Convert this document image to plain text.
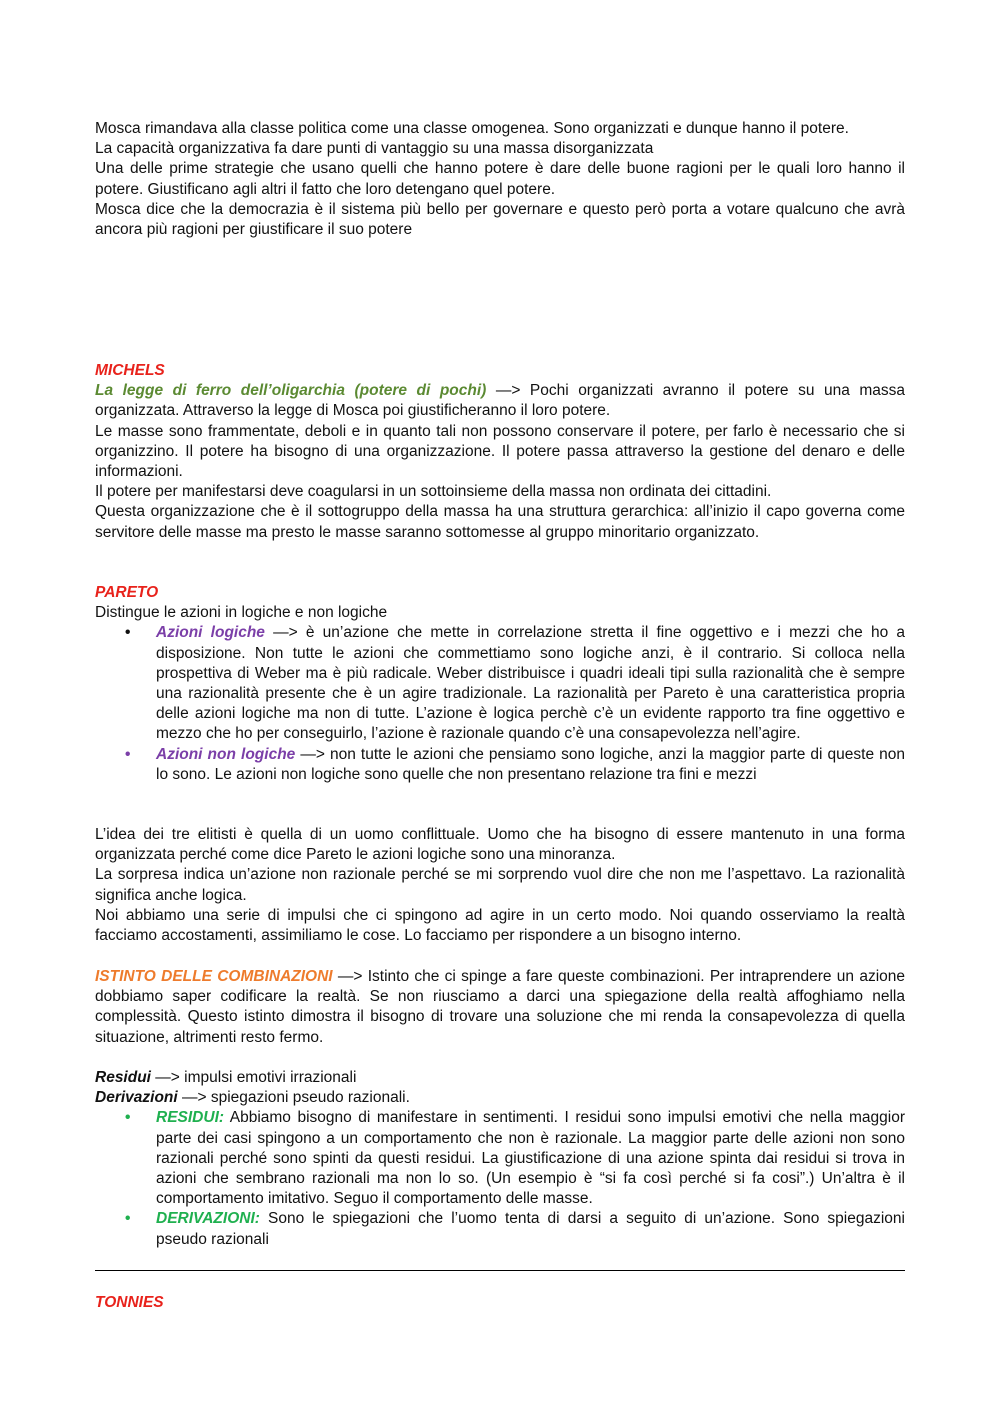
Mosca rimandava alla classe politica come una classe omogenea. Sono organizzati e dunque hanno il potere.

La capacità organizzativa fa dare punti di vantaggio su una massa disorganizzata

Una delle prime strategie che usano quelli che hanno potere è dare delle buone ragioni per le quali loro hanno il potere. Giustificano agli altri il fatto che loro detengano quel potere.

Mosca dice che la democrazia è il sistema più bello per governare e questo però porta a votare qualcuno che avrà ancora più ragioni per giustificare il suo potere

MICHELS

La legge di ferro dell’oligarchia (potere di pochi) —> Pochi organizzati avranno il potere su una massa organizzata. Attraverso la legge di Mosca poi giustificheranno il loro potere.

Le masse sono frammentate, deboli e in quanto tali non possono conservare il potere, per farlo è necessario che si organizzino. Il potere ha bisogno di una organizzazione. Il potere passa attraverso la gestione del denaro e delle informazioni.

Il potere per manifestarsi deve coagularsi in un sottoinsieme della massa non ordinata dei cittadini.

Questa organizzazione che è il sottogruppo della massa ha una struttura gerarchica: all’inizio il capo governa come servitore delle masse ma presto le masse saranno sottomesse al gruppo minoritario organizzato.

PARETO

Distingue le azioni in logiche e non logiche

• Azioni logiche —> è un’azione che mette in correlazione stretta il fine oggettivo e i mezzi che ho a disposizione. Non tutte le azioni che commettiamo sono logiche anzi, è il contrario. Si colloca nella prospettiva di Weber ma è più radicale. Weber distribuisce i quadri ideali tipi sulla razionalità che è sempre una razionalità presente che è un agire tradizionale. La razionalità per Pareto è una caratteristica propria delle azioni logiche ma non di tutte. L’azione è logica perchè c’è un evidente rapporto tra fine oggettivo e mezzo che ho per conseguirlo, l’azione è razionale quando c’è una consapevolezza nell’agire.
• Azioni non logiche —> non tutte le azioni che pensiamo sono logiche, anzi la maggior parte di queste non lo sono. Le azioni non logiche sono quelle che non presentano relazione tra fini e mezzi

L’idea dei tre elitisti è quella di un uomo conflittuale. Uomo che ha bisogno di essere mantenuto in una forma organizzata perché come dice Pareto le azioni logiche sono una minoranza.

La sorpresa indica un’azione non razionale perché se mi sorprendo vuol dire che non me l’aspettavo. La razionalità significa anche logica.

Noi abbiamo una serie di impulsi che ci spingono ad agire in un certo modo. Noi quando osserviamo la realtà facciamo accostamenti, assimiliamo le cose. Lo facciamo per rispondere a un bisogno interno.

ISTINTO DELLE COMBINAZIONI —> Istinto che ci spinge a fare queste combinazioni. Per intraprendere un azione dobbiamo saper codificare la realtà. Se non riusciamo a darci una spiegazione della realtà affoghiamo nella complessità. Questo istinto dimostra il bisogno di trovare una soluzione che mi renda la consapevolezza di quella situazione, altrimenti resto fermo.

Residui —> impulsi emotivi irrazionali

Derivazioni —> spiegazioni pseudo razionali.

• RESIDUI: Abbiamo bisogno di manifestare in sentimenti. I residui sono impulsi emotivi che nella maggior parte dei casi spingono a un comportamento che non è razionale. La maggior parte delle azioni non sono razionali perché sono spinti da questi residui. La giustificazione di una azione spinta dai residui si trova in azioni che sembrano razionali ma non lo so. (Un esempio è “si fa così perché si fa cosi”.) Un’altra è il comportamento imitativo. Seguo il comportamento delle masse.
• DERIVAZIONI: Sono le spiegazioni che l’uomo tenta di darsi a seguito di un’azione. Sono spiegazioni pseudo razionali

TONNIES
